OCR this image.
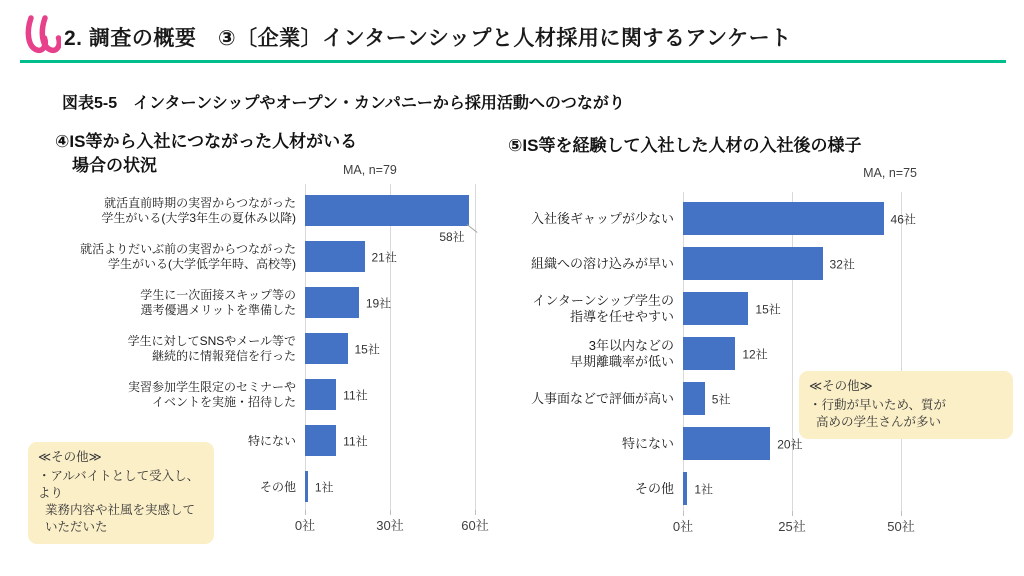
2. 調査の概要　③〔企業〕インターンシップと人材採用に関するアンケート
図表5-5　インターンシップやオープン・カンパニーから採用活動へのつながり
④IS等から入社につながった人材がいる
場合の状況	MA, n=79
⑤IS等を経験して入社した人材の入社後の様子
MA, n=75
就活直前時期の実習からつながった
学生がいる(大学3年生の夏休み以降)
就活よりだいぶ前の実習からつながった
学生がいる(大学低学年時、高校等)
学生に一次面接スキップ等の
選考優遇メリットを準備した
学生に対してSNSやメール等で
継続的に情報発信を行った
実習参加学生限定のセミナーや
イベントを実施・招待した
特にない
その他
58社
21社
19社
15社
11社
11社
1社
0社	30社	60社
入社後ギャップが少ない
組織への溶け込みが早い
インターンシップ学生の
指導を任せやすい
3年以内などの
早期離職率が低い
人事面などで評価が高い
特にない
その他
46社
32社
15社
12社
5社
20社
1社
0社	25社	50社
≪その他≫
・アルバイトとして受入し、より
業務内容や社風を実感して
いただいた
≪その他≫
・行動が早いため、質が
高めの学生さんが多い
